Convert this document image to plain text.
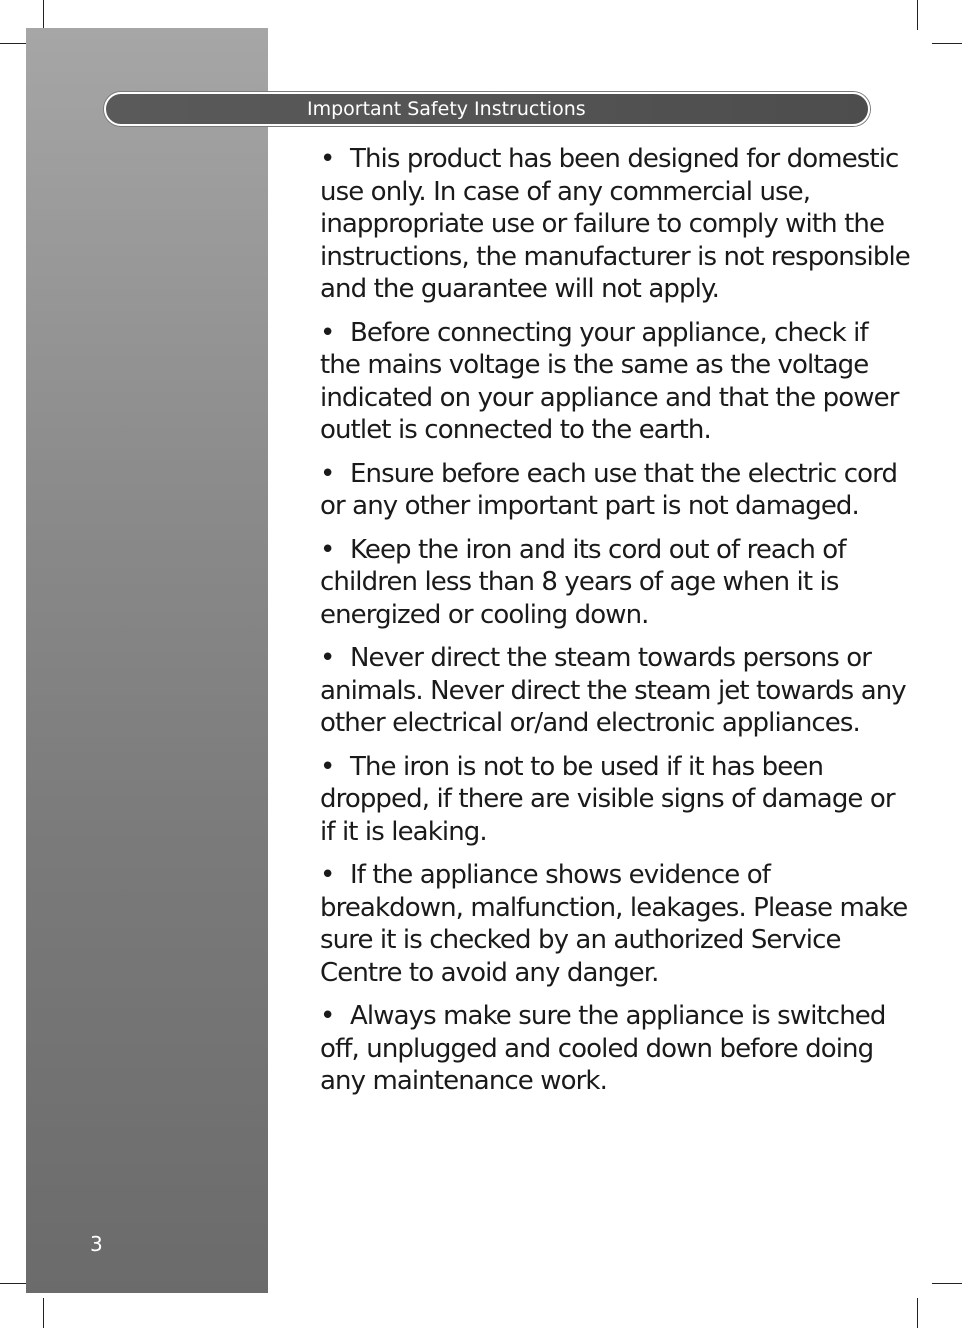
Important Safety Instructions
• This product has been designed for domestic use only. In case of any commercial use, inappropriate use or failure to comply with the instructions, the manufacturer is not responsible and the guarantee will not apply.
• Before connecting your appliance, check if the mains voltage is the same as the voltage indicated on your appliance and that the power outlet is connected to the earth.
• Ensure before each use that the electric cord or any other important part is not damaged.
• Keep the iron and its cord out of reach of children less than 8 years of age when it is energized or cooling down.
• Never direct the steam towards persons or animals. Never direct the steam jet towards any other electrical or/and electronic appliances.
• The iron is not to be used if it has been dropped, if there are visible signs of damage or if it is leaking.
• If the appliance shows evidence of breakdown, malfunction, leakages. Please make sure it is checked by an authorized Service Centre to avoid any danger.
• Always make sure the appliance is switched off, unplugged and cooled down before doing any maintenance work.
3
